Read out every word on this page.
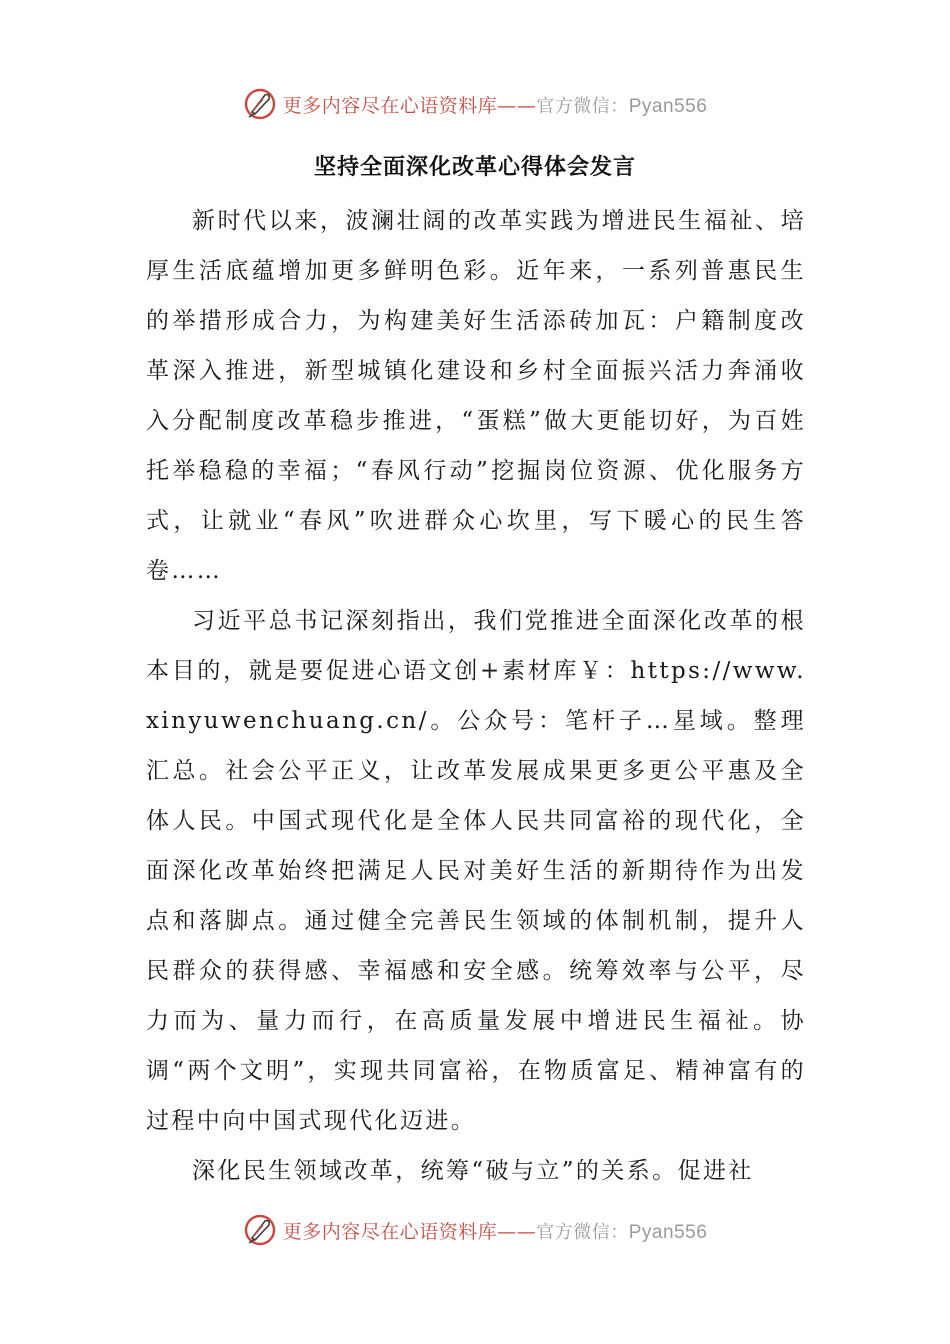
更多内容尽在心语资料库——官方微信：Pyan556
坚持全面深化改革心得体会发言

新时代以来，波澜壮阔的改革实践为增进民生福祉、培厚生活底蕴增加更多鲜明色彩。近年来，一系列普惠民生的举措形成合力，为构建美好生活添砖加瓦：户籍制度改革深入推进，新型城镇化建设和乡村全面振兴活力奔涌收入分配制度改革稳步推进，“蛋糕”做大更能切好，为百姓托举稳稳的幸福；“春风行动”挖掘岗位资源、优化服务方式，让就业“春风”吹进群众心坎里，写下暖心的民生答卷……

习近平总书记深刻指出，我们党推进全面深化改革的根本目的，就是要促进心语文创+素材库￥：https://www.xinyuwenchuang.cn/。公众号：笔杆子…星域。整理汇总。社会公平正义，让改革发展成果更多更公平惠及全体人民。中国式现代化是全体人民共同富裕的现代化，全面深化改革始终把满足人民对美好生活的新期待作为出发点和落脚点。通过健全完善民生领域的体制机制，提升人民群众的获得感、幸福感和安全感。统筹效率与公平，尽力而为、量力而行，在高质量发展中增进民生福祉。协调“两个文明”，实现共同富裕，在物质富足、精神富有的过程中向中国式现代化迈进。

深化民生领域改革，统筹“破与立”的关系。促进社

更多内容尽在心语资料库——官方微信：Pyan556
